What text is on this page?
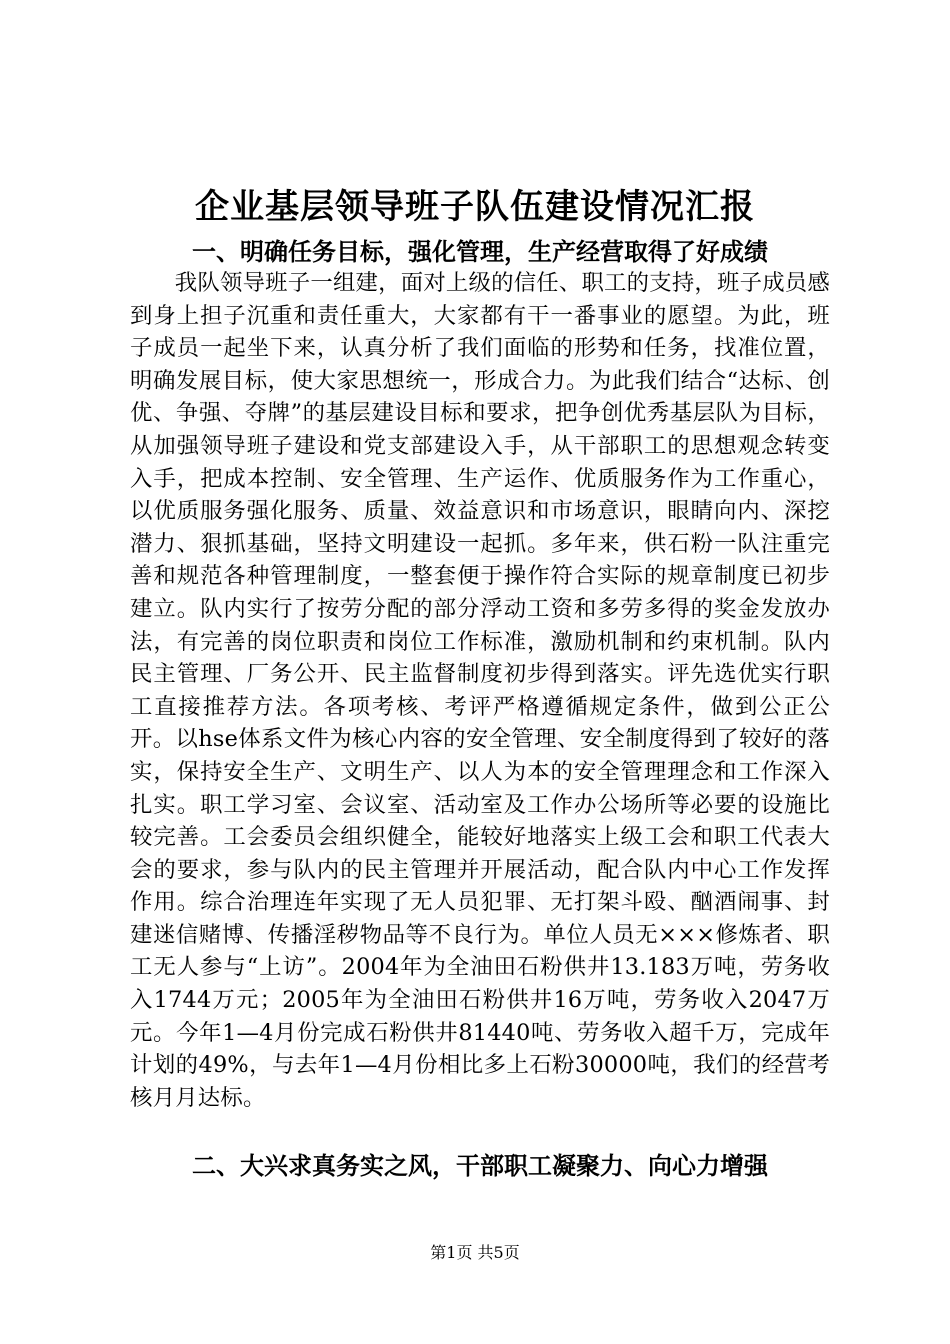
企业基层领导班子队伍建设情况汇报
一、明确任务目标，强化管理，生产经营取得了好成绩

我队领导班子一组建，面对上级的信任、职工的支持，班子成员感到身上担子沉重和责任重大，大家都有干一番事业的愿望。为此，班子成员一起坐下来，认真分析了我们面临的形势和任务，找准位置，明确发展目标，使大家思想统一，形成合力。为此我们结合“达标、创优、争强、夺牌”的基层建设目标和要求，把争创优秀基层队为目标，从加强领导班子建设和党支部建设入手，从干部职工的思想观念转变入手，把成本控制、安全管理、生产运作、优质服务作为工作重心，以优质服务强化服务、质量、效益意识和市场意识，眼睛向内、深挖潜力、狠抓基础，坚持文明建设一起抓。多年来，供石粉一队注重完善和规范各种管理制度，一整套便于操作符合实际的规章制度已初步建立。队内实行了按劳分配的部分浮动工资和多劳多得的奖金发放办法，有完善的岗位职责和岗位工作标准，激励机制和约束机制。队内民主管理、厂务公开、民主监督制度初步得到落实。评先选优实行职工直接推荐方法。各项考核、考评严格遵循规定条件，做到公正公开。以hse体系文件为核心内容的安全管理、安全制度得到了较好的落实，保持安全生产、文明生产、以人为本的安全管理理念和工作深入扎实。职工学习室、会议室、活动室及工作办公场所等必要的设施比较完善。工会委员会组织健全，能较好地落实上级工会和职工代表大会的要求，参与队内的民主管理并开展活动，配合队内中心工作发挥作用。综合治理连年实现了无人员犯罪、无打架斗殴、酗酒闹事、封建迷信赌博、传播淫秽物品等不良行为。单位人员无×××修炼者、职工无人参与“上访”。2004年为全油田石粉供井13.183万吨，劳务收入1744万元；2005年为全油田石粉供井16万吨，劳务收入2047万元。今年1—4月份完成石粉供井81440吨、劳务收入超千万，完成年计划的49%，与去年1—4月份相比多上石粉30000吨，我们的经营考核月月达标。

二、大兴求真务实之风，干部职工凝聚力、向心力增强
第1页 共5页
